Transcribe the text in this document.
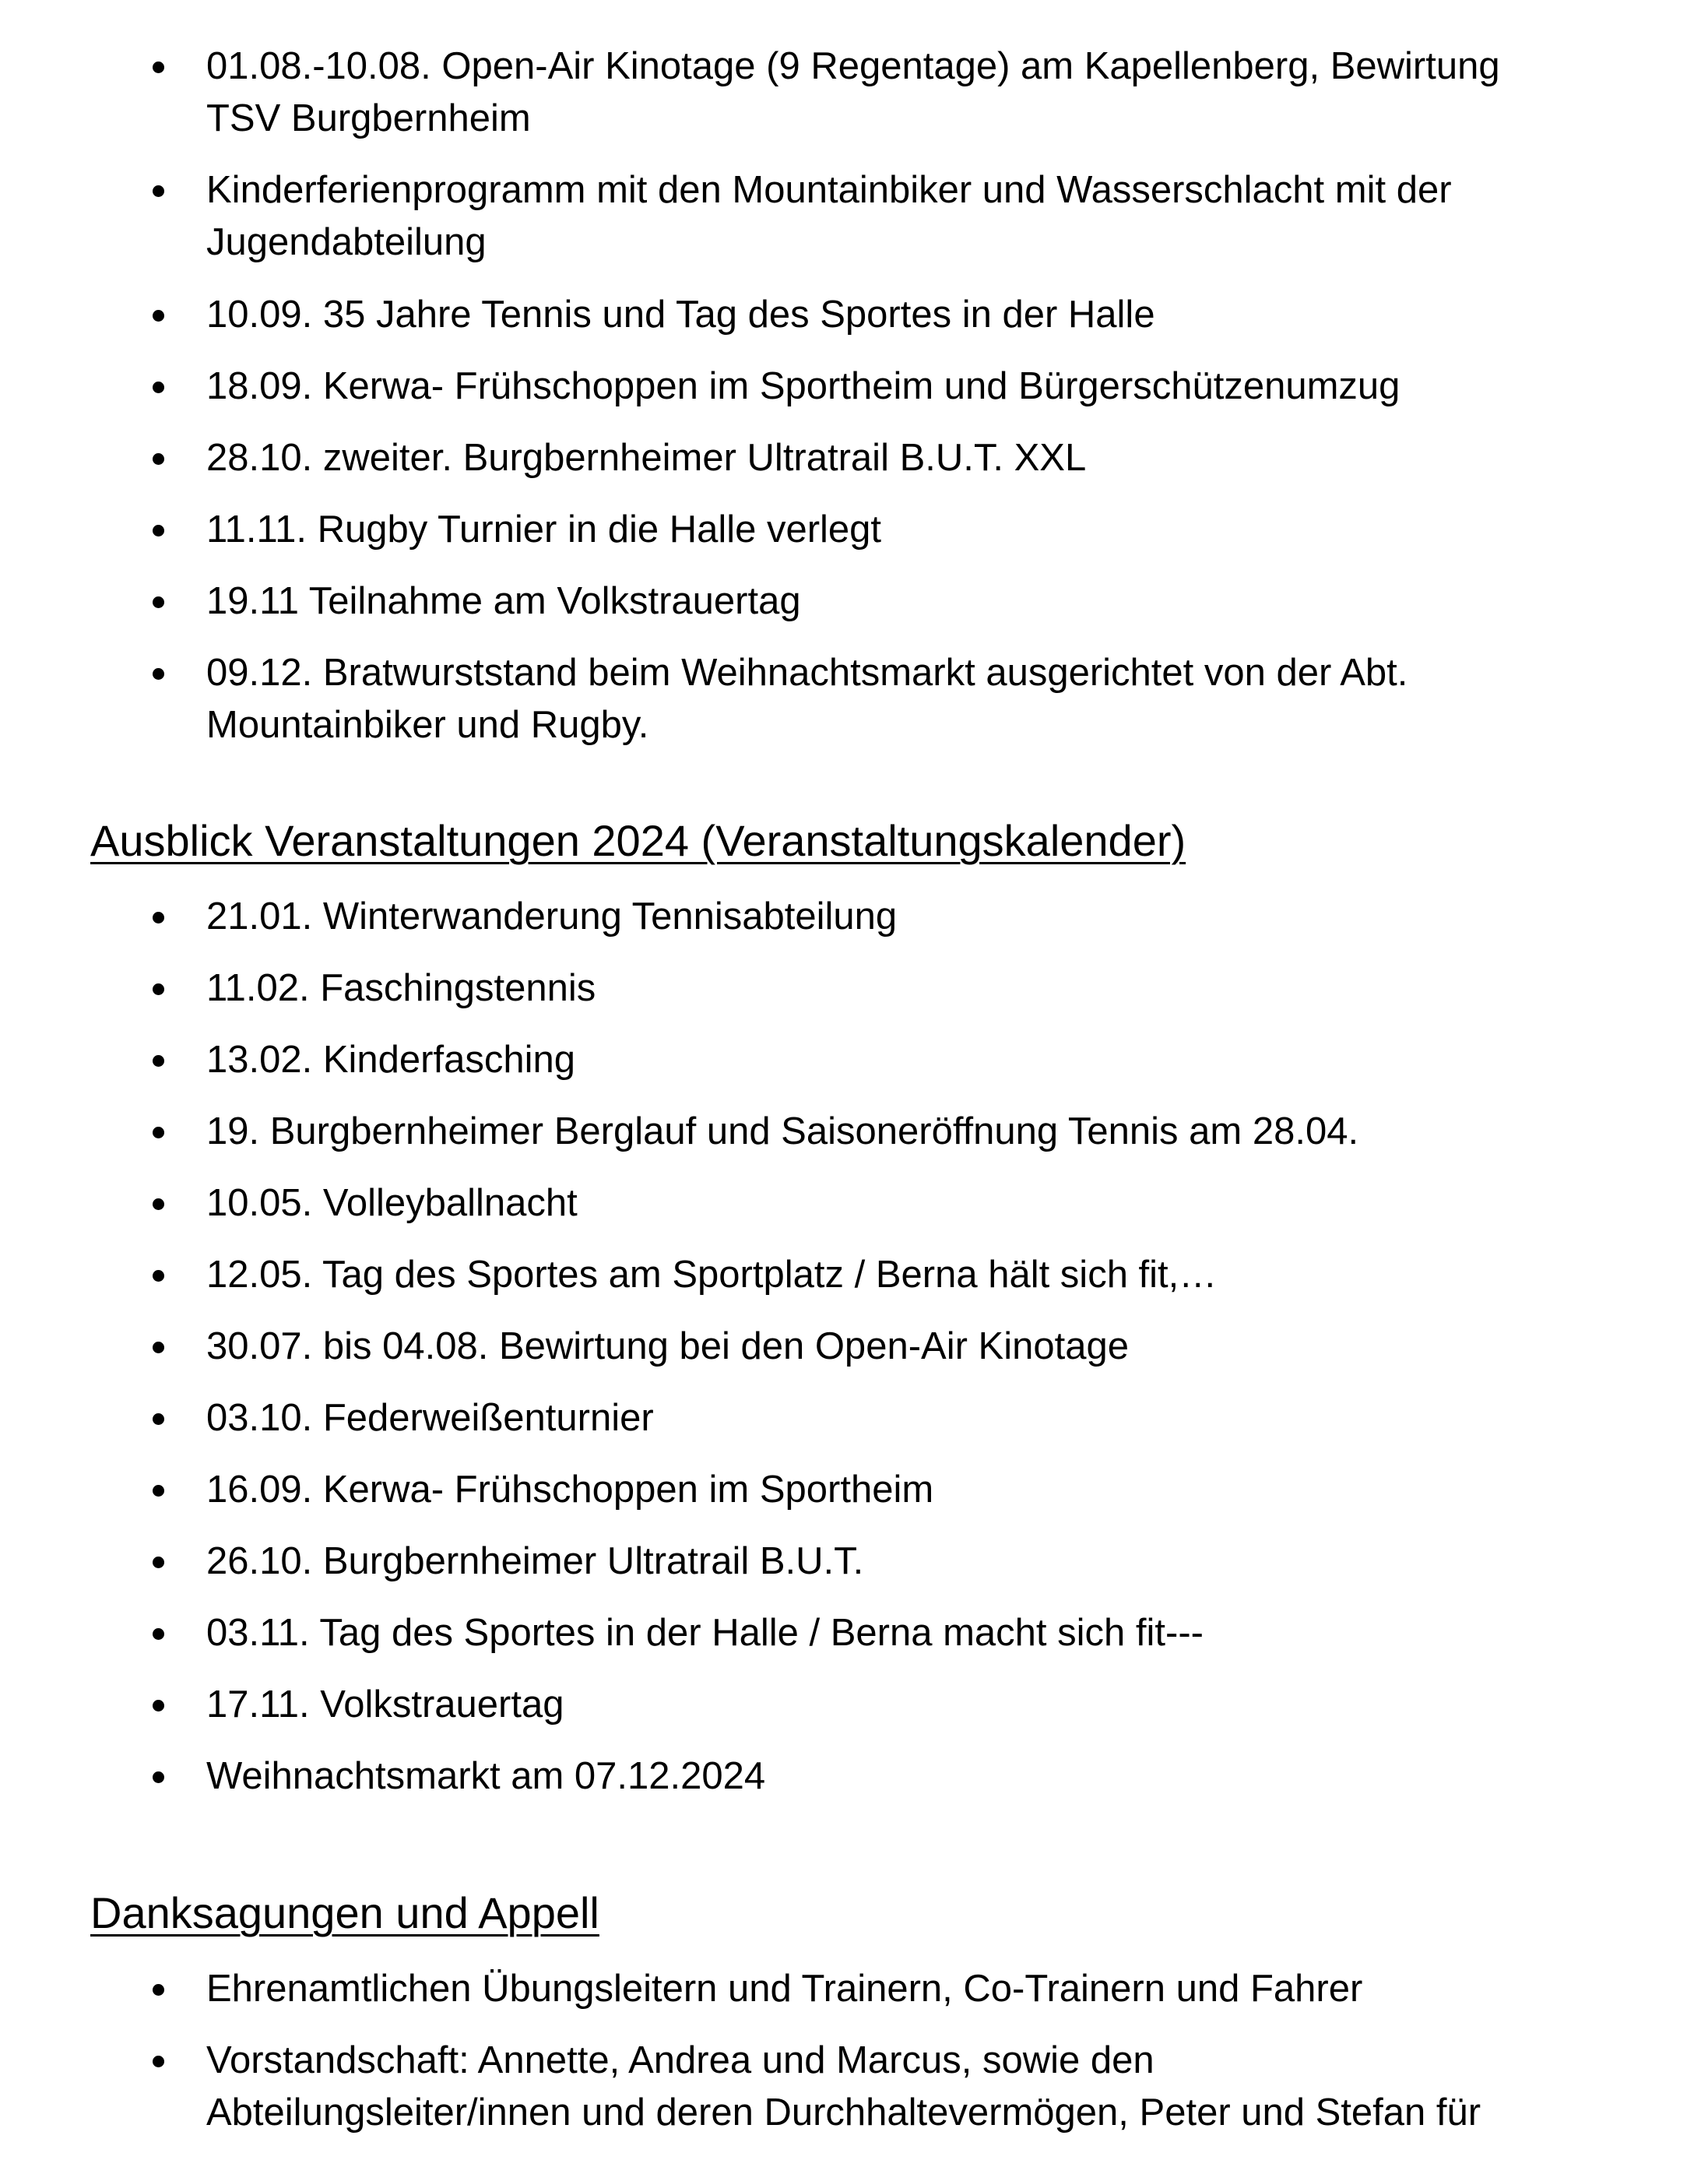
01.08.-10.08. Open-Air Kinotage (9 Regentage) am Kapellenberg, Bewirtung
TSV Burgbernheim
Kinderferienprogramm mit den Mountainbiker und Wasserschlacht mit der
Jugendabteilung
10.09. 35 Jahre Tennis und Tag des Sportes in der Halle
18.09. Kerwa- Frühschoppen im Sportheim und Bürgerschützenumzug
28.10. zweiter. Burgbernheimer Ultratrail B.U.T. XXL
11.11. Rugby Turnier in die Halle verlegt
19.11 Teilnahme am Volkstrauertag
09.12. Bratwurststand beim Weihnachtsmarkt ausgerichtet von der Abt.
Mountainbiker und Rugby.
Ausblick Veranstaltungen 2024 (Veranstaltungskalender)
21.01. Winterwanderung Tennisabteilung
11.02. Faschingstennis
13.02. Kinderfasching
19. Burgbernheimer Berglauf und Saisoneröffnung Tennis am 28.04.
10.05. Volleyballnacht
12.05. Tag des Sportes am Sportplatz / Berna hält sich fit,…
30.07. bis 04.08. Bewirtung bei den Open-Air Kinotage
03.10. Federweißenturnier
16.09. Kerwa- Frühschoppen im Sportheim
26.10. Burgbernheimer Ultratrail B.U.T.
03.11. Tag des Sportes in der Halle / Berna macht sich fit---
17.11. Volkstrauertag
Weihnachtsmarkt am 07.12.2024
Danksagungen und Appell
Ehrenamtlichen Übungsleitern und Trainern, Co-Trainern und Fahrer
Vorstandschaft: Annette, Andrea und Marcus, sowie den
Abteilungsleiter/innen und deren Durchhaltevermögen, Peter und Stefan für
